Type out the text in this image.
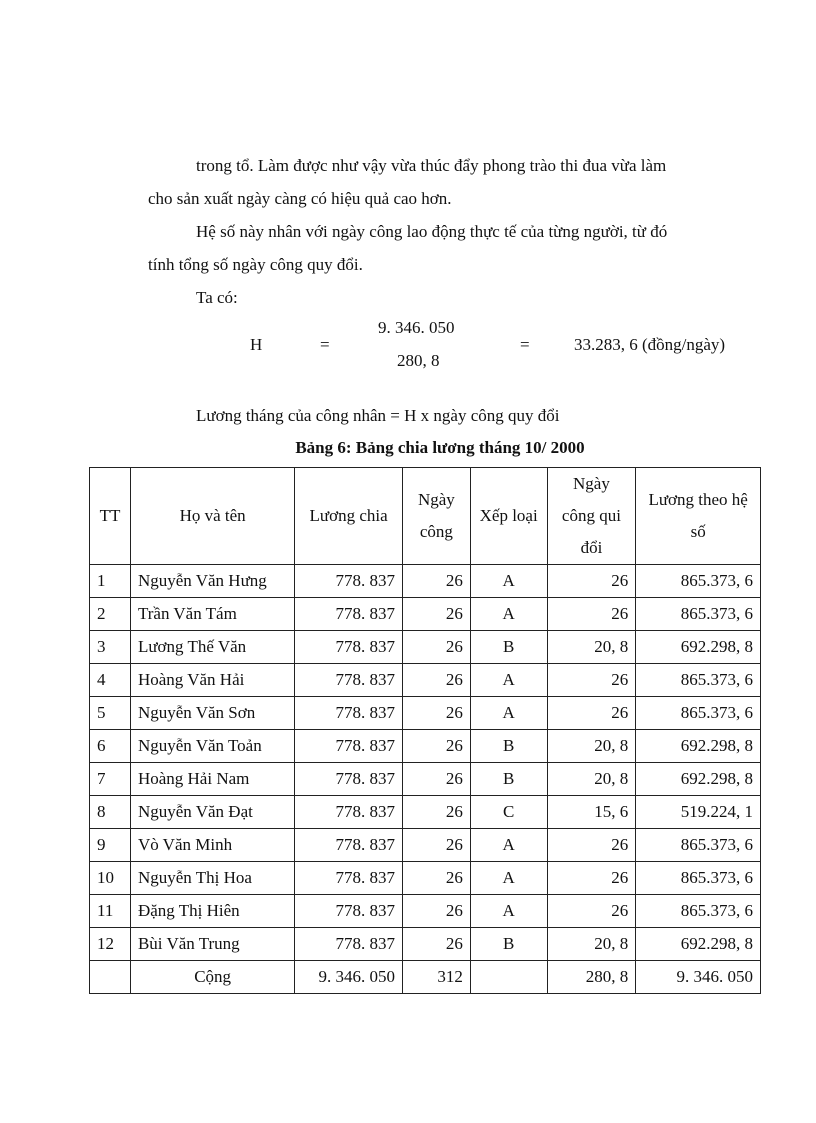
trong tổ. Làm được như vậy vừa thúc đẩy phong trào thi đua vừa làm
cho sản xuất ngày càng có hiệu quả cao hơn.
Hệ số này nhân với ngày công lao động thực tế của từng người, từ đó
tính tổng số ngày công quy đổi.
Ta có:
H	=
9. 346. 050
280, 8
=	33.283, 6 (đồng/ngày)
Lương tháng của công nhân = H x ngày công quy đổi
Bảng 6: Bảng chia lương tháng 10/ 2000
TT	Họ và tên	Lương chia	Ngày công	Xếp loại	Ngày công qui đổi	Lương theo hệ số
1	Nguyễn Văn Hưng	778. 837	26	A	26	865.373, 6
2	Trần Văn Tám	778. 837	26	A	26	865.373, 6
3	Lương Thế Văn	778. 837	26	B	20, 8	692.298, 8
4	Hoàng Văn Hải	778. 837	26	A	26	865.373, 6
5	Nguyễn Văn Sơn	778. 837	26	A	26	865.373, 6
6	Nguyễn Văn Toản	778. 837	26	B	20, 8	692.298, 8
7	Hoàng Hải Nam	778. 837	26	B	20, 8	692.298, 8
8	Nguyễn Văn Đạt	778. 837	26	C	15, 6	519.224, 1
9	Vò Văn Minh	778. 837	26	A	26	865.373, 6
10	Nguyễn Thị Hoa	778. 837	26	A	26	865.373, 6
11	Đặng Thị Hiên	778. 837	26	A	26	865.373, 6
12	Bùi Văn Trung	778. 837	26	B	20, 8	692.298, 8
	Cộng	9. 346. 050	312		280, 8	9. 346. 050
